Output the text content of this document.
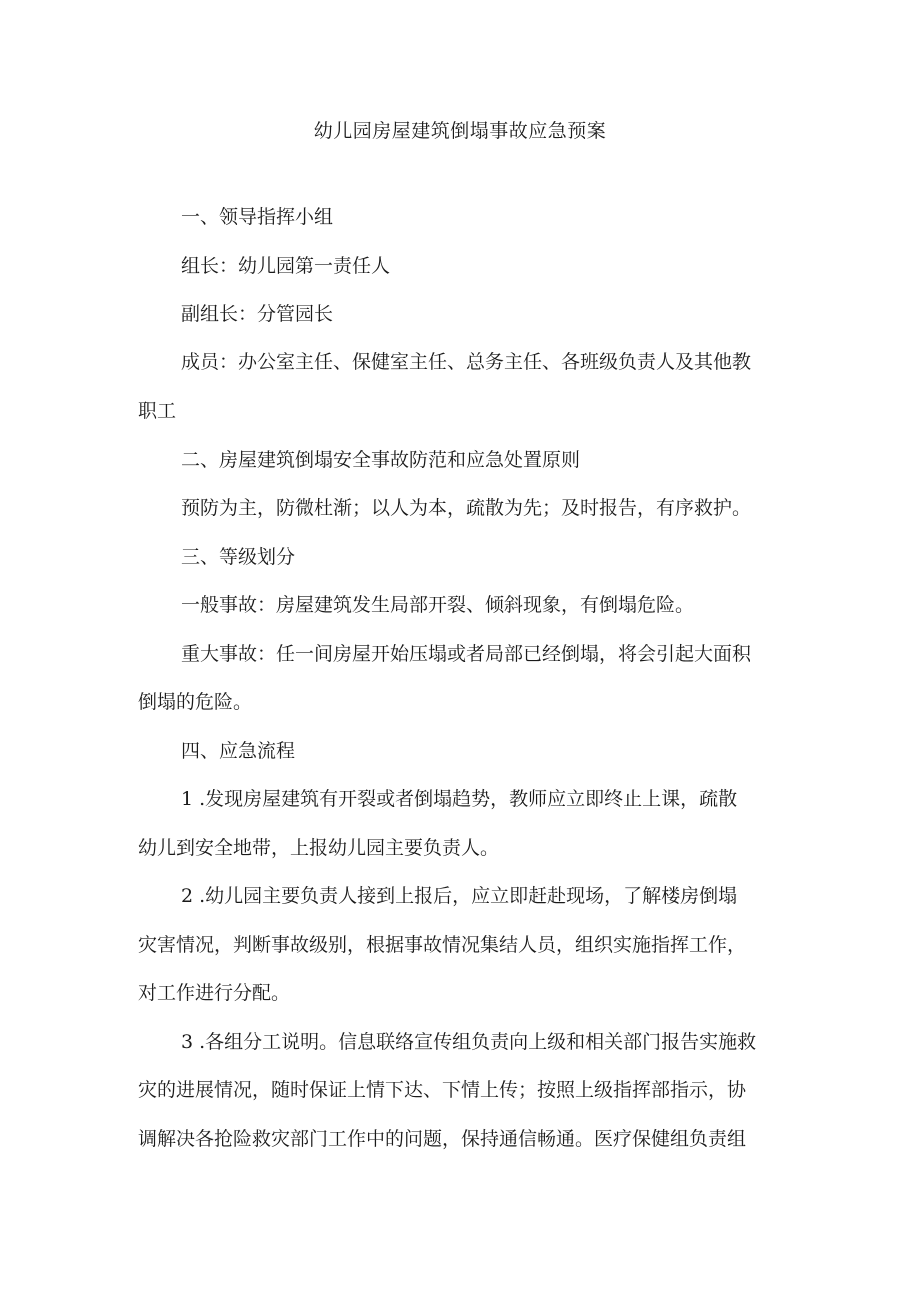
幼儿园房屋建筑倒塌事故应急预案
一、领导指挥小组
组长：幼儿园第一责任人
副组长：分管园长
成员：办公室主任、保健室主任、总务主任、各班级负责人及其他教
职工
二、房屋建筑倒塌安全事故防范和应急处置原则
预防为主，防微杜渐；以人为本，疏散为先；及时报告，有序救护。
三、等级划分
一般事故：房屋建筑发生局部开裂、倾斜现象，有倒塌危险。
重大事故：任一间房屋开始压塌或者局部已经倒塌，将会引起大面积
倒塌的危险。
四、应急流程
1 .发现房屋建筑有开裂或者倒塌趋势，教师应立即终止上课，疏散
幼儿到安全地带，上报幼儿园主要负责人。
2 .幼儿园主要负责人接到上报后，应立即赶赴现场，了解楼房倒塌
灾害情况，判断事故级别，根据事故情况集结人员，组织实施指挥工作，
对工作进行分配。
3 .各组分工说明。信息联络宣传组负责向上级和相关部门报告实施救
灾的进展情况，随时保证上情下达、下情上传；按照上级指挥部指示，协
调解决各抢险救灾部门工作中的问题，保持通信畅通。医疗保健组负责组
